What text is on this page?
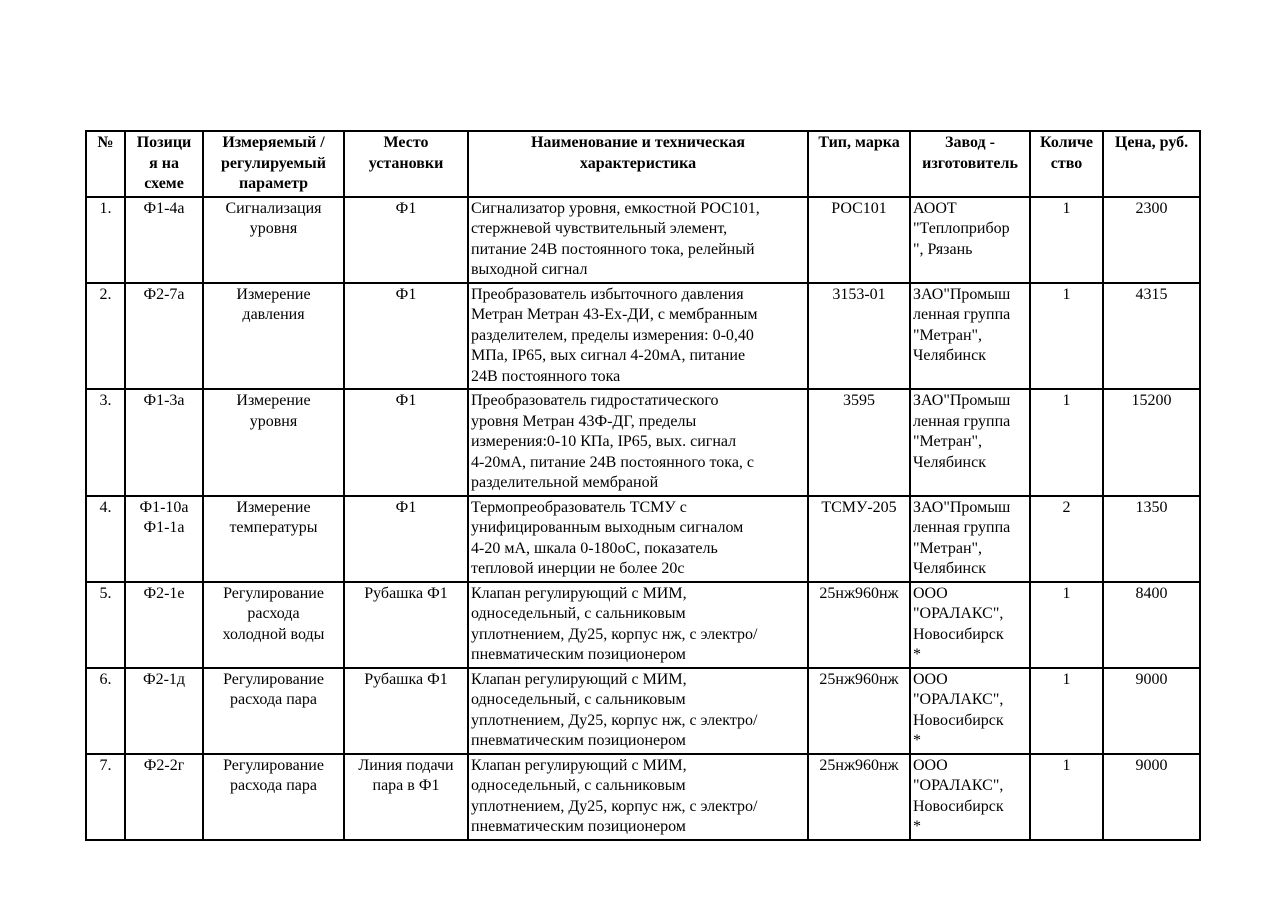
№	Позици
я на
схеме	Измеряемый /
регулируемый
параметр	Место
установки	Наименование и техническая
характеристика	Тип, марка	Завод -
изготовитель	Количе
ство	Цена, руб.

1.	Ф1-4а	Сигнализация
уровня	Ф1	Сигнализатор уровня, емкостной РОС101,
стержневой чувствительный элемент,
питание 24В постоянного тока, релейный
выходной сигнал	РОС101	АООТ
"Теплоприбор
", Рязань	1	2300
2.	Ф2-7а	Измерение
давления	Ф1	Преобразователь избыточного давления
Метран Метран 43-Ех-ДИ, с мембранным
разделителем, пределы измерения: 0-0,40
МПа, IP65, вых сигнал 4-20мА, питание
24В постоянного тока	3153-01	ЗАО"Промыш
ленная группа
"Метран",
Челябинск	1	4315
3.	Ф1-3а	Измерение
уровня	Ф1	Преобразователь гидростатического
уровня Метран 43Ф-ДГ, пределы
измерения:0-10 КПа, IP65, вых. сигнал
4-20мА, питание 24В постоянного тока, с
разделительной мембраной	3595	ЗАО"Промыш
ленная группа
"Метран",
Челябинск	1	15200
4.	Ф1-10а
Ф1-1а	Измерение
температуры	Ф1	Термопреобразователь ТСМУ с
унифицированным выходным сигналом
4-20 мА, шкала 0-180оС, показатель
тепловой инерции не более 20с	ТСМУ-205	ЗАО"Промыш
ленная группа
"Метран",
Челябинск	2	1350
5.	Ф2-1е	Регулирование
расхода
холодной воды	Рубашка Ф1	Клапан регулирующий с МИМ,
односедельный, с сальниковым
уплотнением, Ду25, корпус нж, с электро/
пневматическим позиционером	25нж960нж	ООО
"ОРАЛАКС",
Новосибирск
*	1	8400
6.	Ф2-1д	Регулирование
расхода пара	Рубашка Ф1	Клапан регулирующий с МИМ,
односедельный, с сальниковым
уплотнением, Ду25, корпус нж, с электро/
пневматическим позиционером	25нж960нж	ООО
"ОРАЛАКС",
Новосибирск
*	1	9000
7.	Ф2-2г	Регулирование
расхода пара	Линия подачи
пара в Ф1	Клапан регулирующий с МИМ,
односедельный, с сальниковым
уплотнением, Ду25, корпус нж, с электро/
пневматическим позиционером	25нж960нж	ООО
"ОРАЛАКС",
Новосибирск
*	1	9000
